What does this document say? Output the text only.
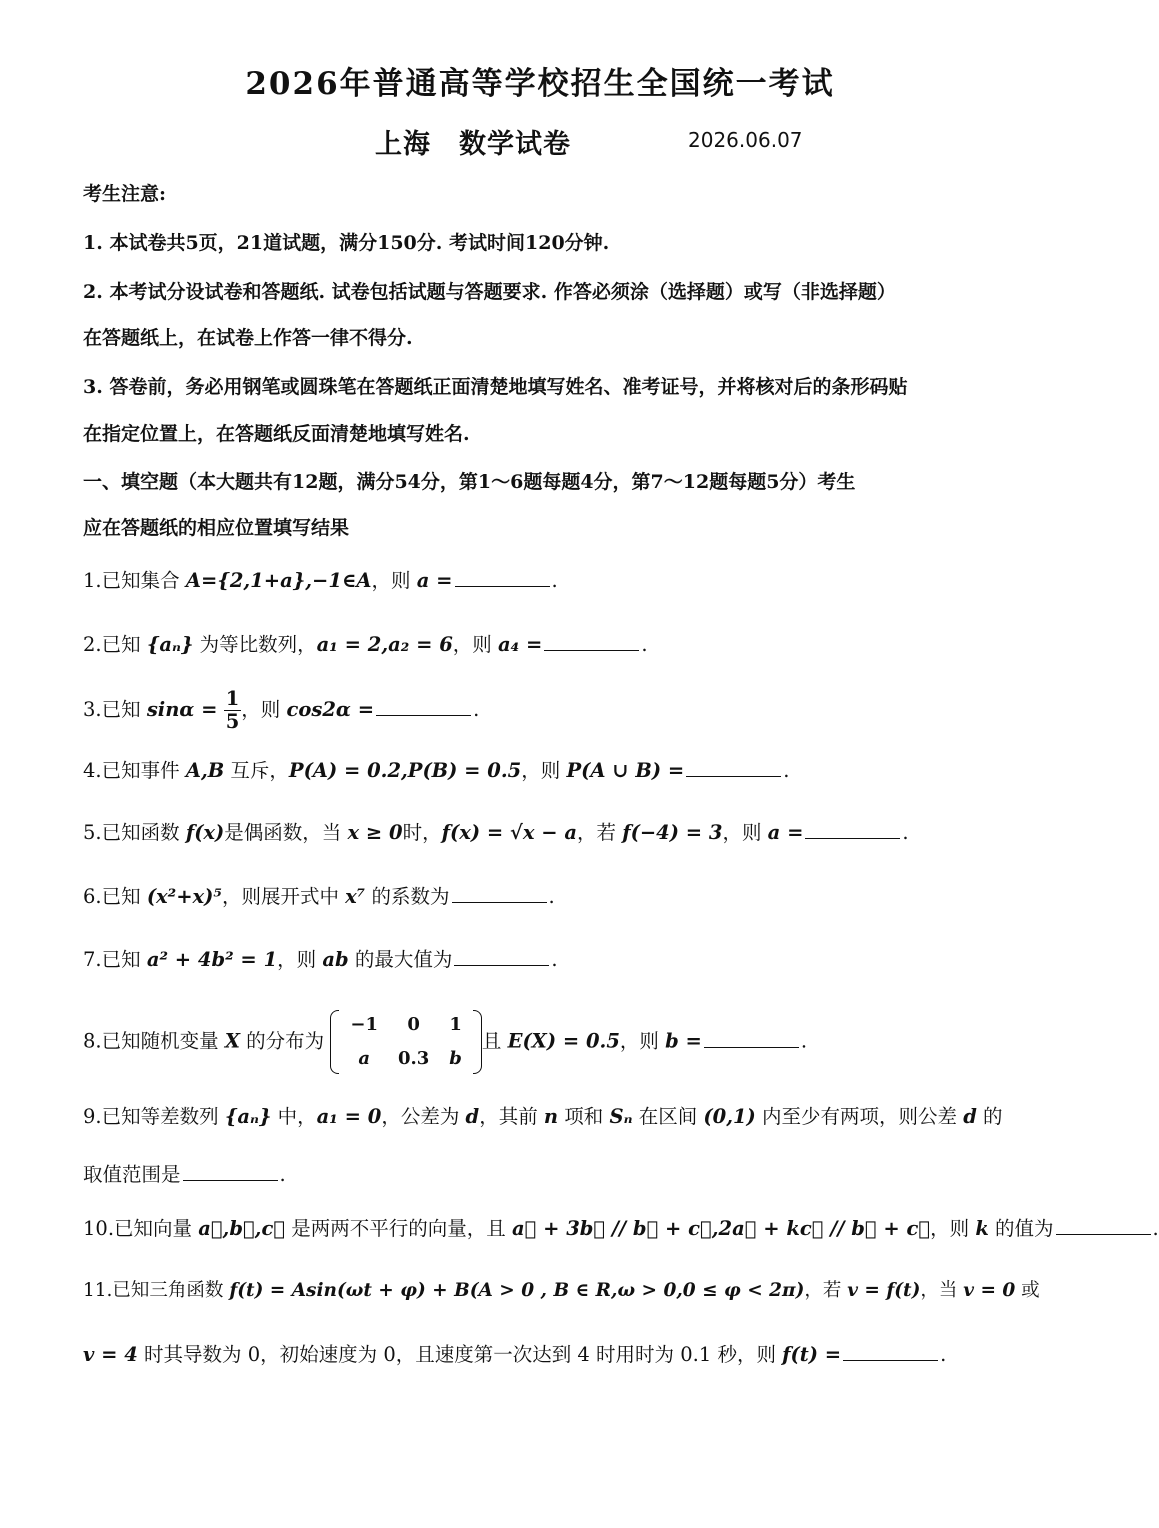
2026年普通高等学校招生全国统一考试
上海 数学试卷	2026.06.07
考生注意:
1. 本试卷共5页，21道试题，满分150分. 考试时间120分钟.
2. 本考试分设试卷和答题纸. 试卷包括试题与答题要求. 作答必须涂（选择题）或写（非选择题）
在答题纸上，在试卷上作答一律不得分.
3. 答卷前，务必用钢笔或圆珠笔在答题纸正面清楚地填写姓名、准考证号，并将核对后的条形码贴
在指定位置上，在答题纸反面清楚地填写姓名.
一、填空题（本大题共有12题，满分54分，第1～6题每题4分，第7～12题每题5分）考生
应在答题纸的相应位置填写结果
1.已知集合 A={2,1+a},−1∈A，则 a =	.
2.已知 {aₙ} 为等比数列，a₁ = 2,a₂ = 6，则 a₄ =	.
3.已知 $\sin\alpha = \frac{1}{5}$ ，则 cos2α =	.
4.已知事件 A,B 互斥，P(A) = 0.2,P(B) = 0.5，则 P(A ∪ B) =	.
5.已知函数 f(x)是偶函数，当 x ≥ 0时，f(x) = √x − a，若 f(−4) = 3，则 a =	.
6.已知 (x²+x)⁵，则展开式中 x⁷ 的系数为	.
7.已知 a² + 4b² = 1，则 ab 的最大值为	.
8.已知随机变量 X 的分布为
−1	0	1
a	0.3	b
且 E(X) = 0.5，则 b =	.
9.已知等差数列 {aₙ} 中，a₁ = 0，公差为 d，其前 n 项和 Sₙ 在区间 (0,1) 内至少有两项，则公差 d 的
取值范围是	.
10.已知向量 a⃗,b⃗,c⃗ 是两两不平行的向量，且 a⃗ + 3b⃗ // b⃗ + c⃗,2a⃗ + kc⃗ // b⃗ + c⃗，则 k 的值为	.
11.已知三角函数 f(t) = Asin(ωt + φ) + B(A > 0 , B ∈ R,ω > 0,0 ≤ φ < 2π)，若 v = f(t)，当 v = 0 或
v = 4 时其导数为 0，初始速度为 0，且速度第一次达到 4 时用时为 0.1 秒，则 f(t) =	.
